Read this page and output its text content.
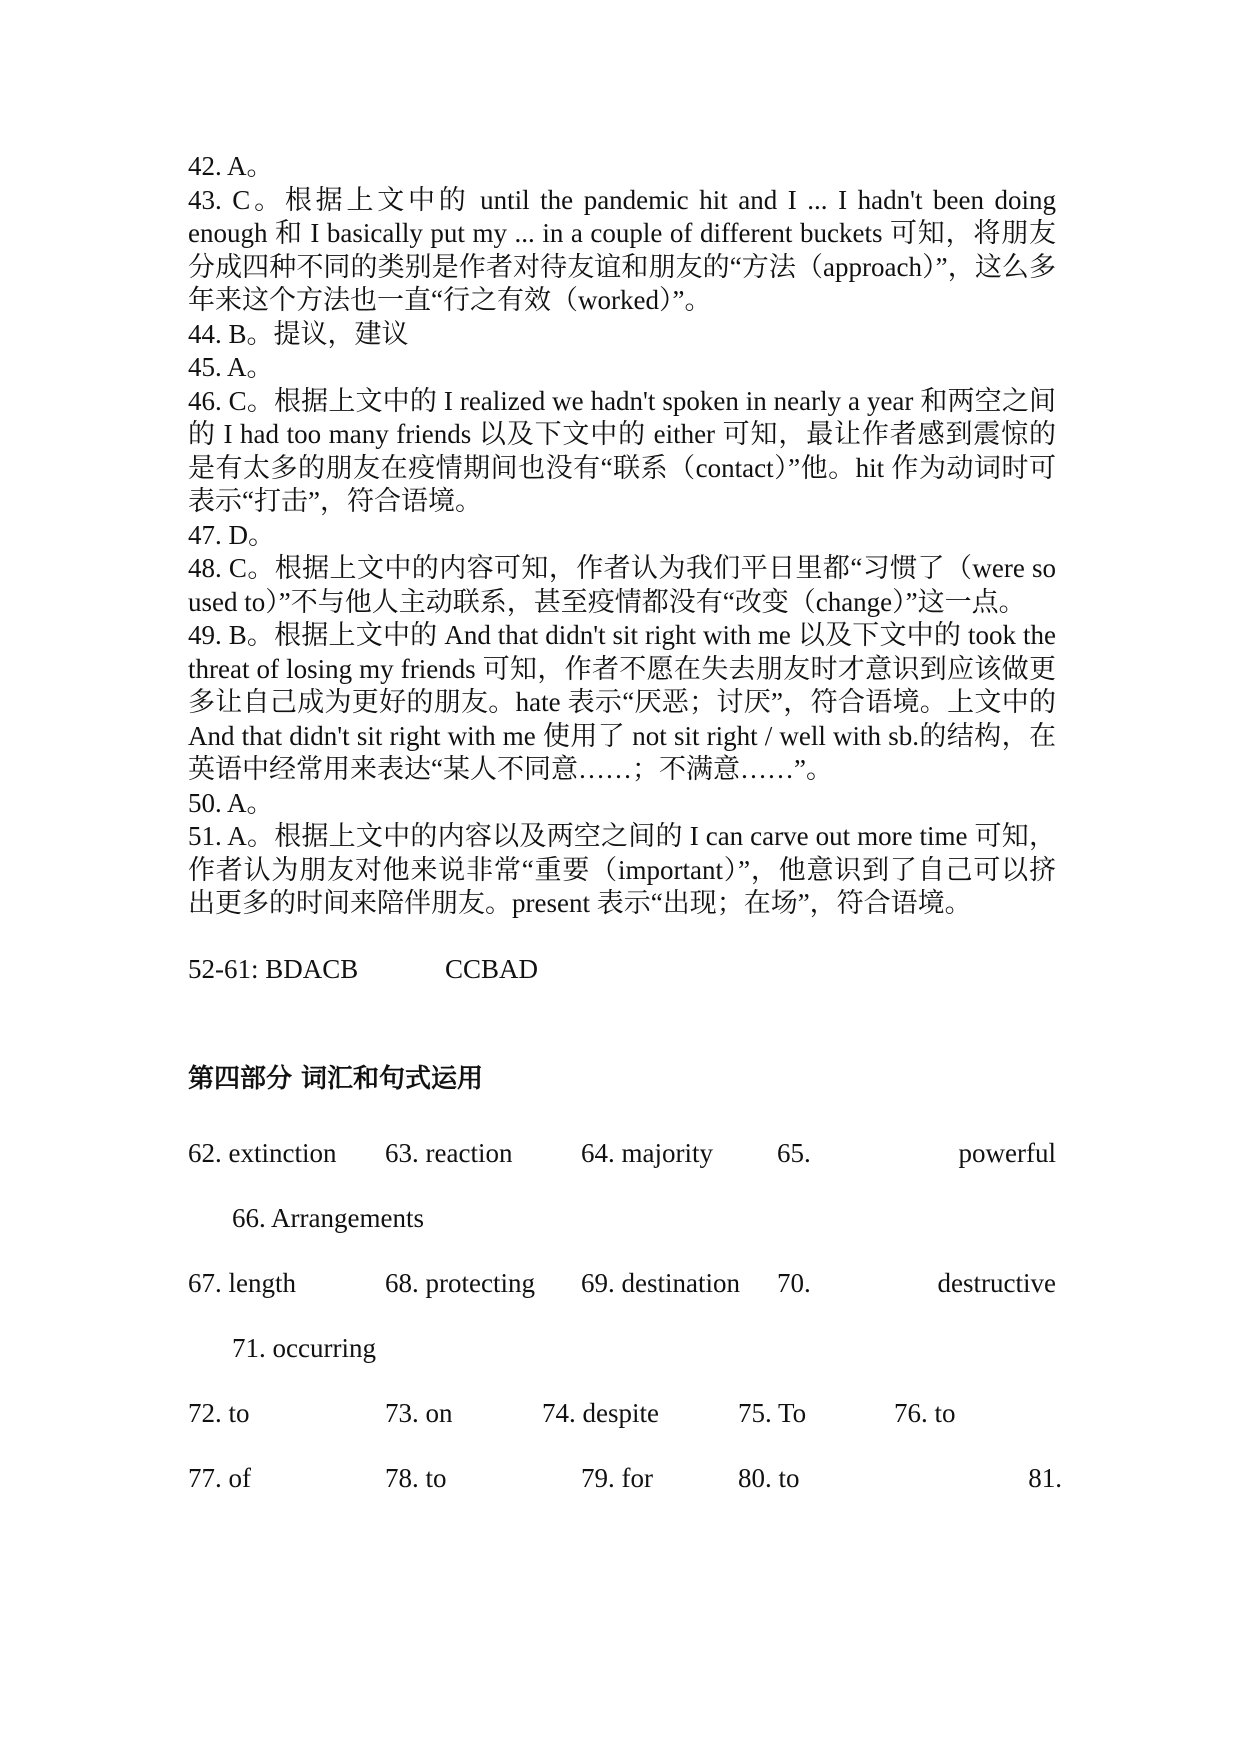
42. A。

43. C。根据上文中的 until the pandemic hit and I ... I hadn't been doing enough 和 I basically put my ... in a couple of different buckets 可知，将朋友分成四种不同的类别是作者对待友谊和朋友的“方法（approach）”，这么多年来这个方法也一直“行之有效（worked）”。

44. B。提议，建议

45. A。

46. C。根据上文中的 I realized we hadn't spoken in nearly a year 和两空之间的 I had too many friends 以及下文中的 either 可知，最让作者感到震惊的是有太多的朋友在疫情期间也没有“联系（contact）”他。hit 作为动词时可表示“打击”，符合语境。

47. D。

48. C。根据上文中的内容可知，作者认为我们平日里都“习惯了（were so used to）”不与他人主动联系，甚至疫情都没有“改变（change）”这一点。

49. B。根据上文中的 And that didn't sit right with me 以及下文中的 took the threat of losing my friends 可知，作者不愿在失去朋友时才意识到应该做更多让自己成为更好的朋友。hate 表示“厌恶；讨厌”，符合语境。上文中的 And that didn't sit right with me 使用了 not sit right / well with sb.的结构，在英语中经常用来表达“某人不同意……；不满意……”。

50. A。

51. A。根据上文中的内容以及两空之间的 I can carve out more time 可知，作者认为朋友对他来说非常“重要（important）”，他意识到了自己可以挤出更多的时间来陪伴朋友。present 表示“出现；在场”，符合语境。

52-61: BDACB	CCBAD
第四部分 词汇和句式运用
62. extinction 63. reaction	64. majority 65.	powerful
66. Arrangements
67. length	68. protecting 69. destination 70.	destructive
71. occurring
72. to	73. on	74. despite	75. To	76. to
77. of	78. to	79. for	80. to	81.
